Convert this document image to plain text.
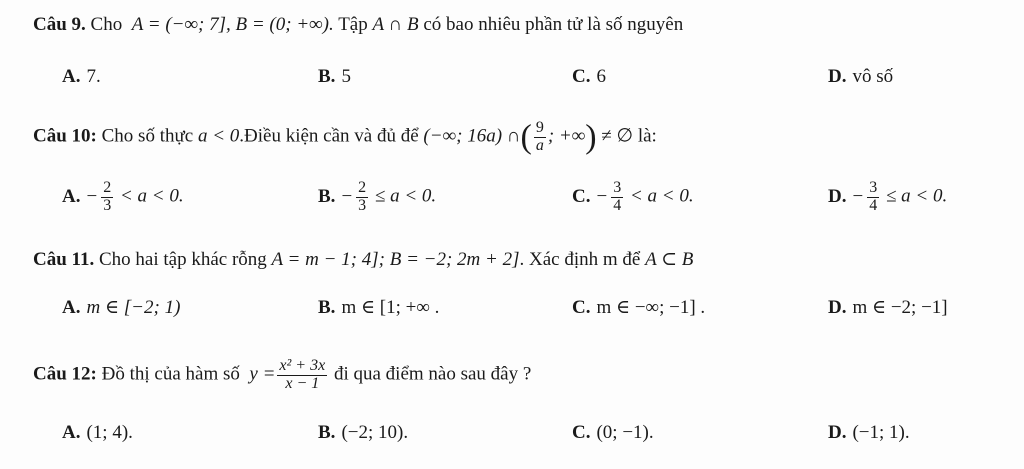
Câu 9. Cho A = (−∞; 7], B = (0; +∞). Tập A ∩ B có bao nhiêu phần tử là số nguyên
A. 7.	B. 5	C. 6	D. vô số
Câu 10: Cho số thực a < 0.Điều kiện cần và đủ để (−∞; 16a) ∩( $\frac{9}{a}$ ; +∞) ≠ ∅ là:
A. − $\frac{2}{3} < a < 0$.	B. − $\frac{2}{3} \le a < 0$.	C. − $\frac{3}{4} < a < 0$.	D. − $\frac{3}{4} \le a < 0$.
Câu 11. Cho hai tập khác rỗng A = m − 1; 4]; B = −2; 2m + 2]. Xác định m để A ⊂ B
A. m ∈ [−2; 1)	B. m ∈ [1; +∞ .	C. m ∈ −∞; −1] .	D. m ∈ −2; −1]
Câu 12: Đồ thị của hàm số $y = \frac{\text{x² + 3x}}{x - 1}$ đi qua điểm nào sau đây ?
A. (1; 4).	B. (−2; 10).	C. (0; −1).	D. (−1; 1).
